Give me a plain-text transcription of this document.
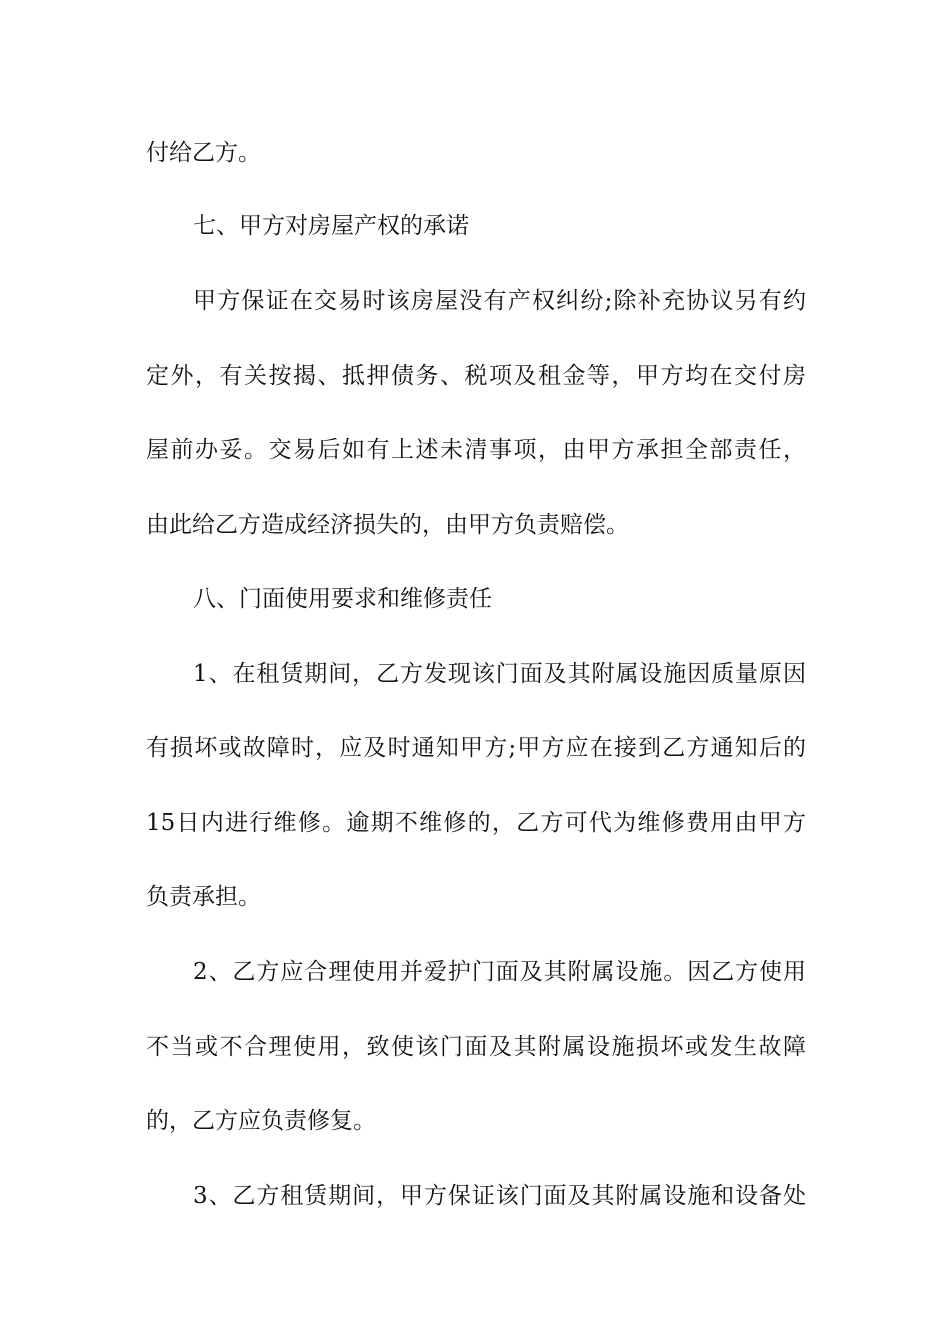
付给乙方。
七、甲方对房屋产权的承诺
甲方保证在交易时该房屋没有产权纠纷;除补充协议另有约
定外，有关按揭、抵押债务、税项及租金等，甲方均在交付房
屋前办妥。交易后如有上述未清事项，由甲方承担全部责任，
由此给乙方造成经济损失的，由甲方负责赔偿。
八、门面使用要求和维修责任
1、在租赁期间，乙方发现该门面及其附属设施因质量原因
有损坏或故障时，应及时通知甲方;甲方应在接到乙方通知后的
15日内进行维修。逾期不维修的，乙方可代为维修费用由甲方
负责承担。
2、乙方应合理使用并爱护门面及其附属设施。因乙方使用
不当或不合理使用，致使该门面及其附属设施损坏或发生故障
的，乙方应负责修复。
3、乙方租赁期间，甲方保证该门面及其附属设施和设备处
